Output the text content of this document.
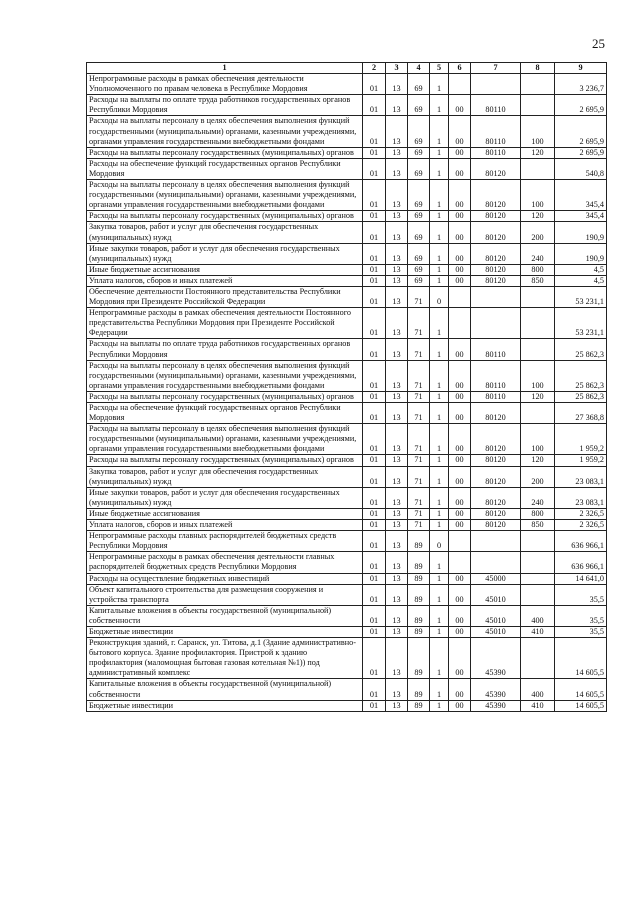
25
1	2	3	4	5	6	7	8	9
Непрограммные расходы в рамках обеспечения деятельности Уполномоченного по правам человека в Республике Мордовия	01	13	69	1				3 236,7
Расходы на выплаты по оплате труда работников государственных органов Республики Мордовия	01	13	69	1	00	80110		2 695,9
Расходы на выплаты персоналу в целях обеспечения выполнения функций государственными (муниципальными) органами, казенными учреждениями, органами управления государственными внебюджетными фондами	01	13	69	1	00	80110	100	2 695,9
Расходы на выплаты персоналу государственных (муниципальных) органов	01	13	69	1	00	80110	120	2 695,9
Расходы на обеспечение функций государственных органов Республики Мордовия	01	13	69	1	00	80120		540,8
Расходы на выплаты персоналу в целях обеспечения выполнения функций государственными (муниципальными) органами, казенными учреждениями, органами управления государственными внебюджетными фондами	01	13	69	1	00	80120	100	345,4
Расходы на выплаты персоналу государственных (муниципальных) органов	01	13	69	1	00	80120	120	345,4
Закупка товаров, работ и услуг для обеспечения государственных (муниципальных) нужд	01	13	69	1	00	80120	200	190,9
Иные закупки товаров, работ и услуг для обеспечения государственных (муниципальных) нужд	01	13	69	1	00	80120	240	190,9
Иные бюджетные ассигнования	01	13	69	1	00	80120	800	4,5
Уплата налогов, сборов и иных платежей	01	13	69	1	00	80120	850	4,5
Обеспечение деятельности Постоянного представительства Республики Мордовия при Президенте Российской Федерации	01	13	71	0				53 231,1
Непрограммные расходы в рамках обеспечения деятельности Постоянного представительства Республики Мордовия при Президенте Российской Федерации	01	13	71	1				53 231,1
Расходы на выплаты по оплате труда работников государственных органов Республики Мордовия	01	13	71	1	00	80110		25 862,3
Расходы на выплаты персоналу в целях обеспечения выполнения функций государственными (муниципальными) органами, казенными учреждениями, органами управления государственными внебюджетными фондами	01	13	71	1	00	80110	100	25 862,3
Расходы на выплаты персоналу государственных (муниципальных) органов	01	13	71	1	00	80110	120	25 862,3
Расходы на обеспечение функций государственных органов Республики Мордовия	01	13	71	1	00	80120		27 368,8
Расходы на выплаты персоналу в целях обеспечения выполнения функций государственными (муниципальными) органами, казенными учреждениями, органами управления государственными внебюджетными фондами	01	13	71	1	00	80120	100	1 959,2
Расходы на выплаты персоналу государственных (муниципальных) органов	01	13	71	1	00	80120	120	1 959,2
Закупка товаров, работ и услуг для обеспечения государственных (муниципальных) нужд	01	13	71	1	00	80120	200	23 083,1
Иные закупки товаров, работ и услуг для обеспечения государственных (муниципальных) нужд	01	13	71	1	00	80120	240	23 083,1
Иные бюджетные ассигнования	01	13	71	1	00	80120	800	2 326,5
Уплата налогов, сборов и иных платежей	01	13	71	1	00	80120	850	2 326,5
Непрограммные расходы главных распорядителей бюджетных средств Республики Мордовия	01	13	89	0				636 966,1
Непрограммные расходы в рамках обеспечения деятельности главных распорядителей бюджетных средств Республики Мордовия	01	13	89	1				636 966,1
Расходы на осуществление бюджетных инвестиций	01	13	89	1	00	45000		14 641,0
Объект капитального строительства для размещения сооружения и устройства транспорта	01	13	89	1	00	45010		35,5
Капитальные вложения в объекты государственной (муниципальной) собственности	01	13	89	1	00	45010	400	35,5
Бюджетные инвестиции	01	13	89	1	00	45010	410	35,5
Реконструкция зданий, г. Саранск, ул. Титова, д.1 (Здание административно-бытового корпуса. Здание профилактория. Пристрой к зданию профилактория (маломощная бытовая газовая котельная №1)) под административный комплекс	01	13	89	1	00	45390		14 605,5
Капитальные вложения в объекты государственной (муниципальной) собственности	01	13	89	1	00	45390	400	14 605,5
Бюджетные инвестиции	01	13	89	1	00	45390	410	14 605,5
